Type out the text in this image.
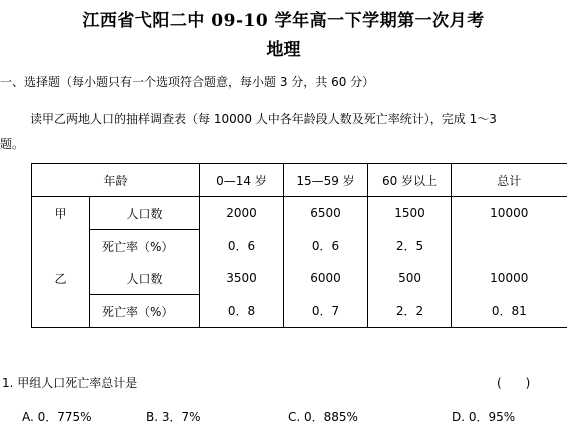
江西省弋阳二中 09-10 学年高一下学期第一次月考
地理
一、选择题（每小题只有一个选项符合题意，每小题 3 分，共 60 分）
读甲乙两地人口的抽样调查表（每 10000 人中各年龄段人数及死亡率统计），完成 1～3
题。
年龄		0—14 岁	15—59 岁	60 岁以上	总计
甲	人口数	2000	6500	1500	10000
	死亡率（%）	0．6	0．6	2．5	
乙	人口数	3500	6000	500	10000
	死亡率（%）	0．8	0．7	2．2	0．81
1. 甲组人口死亡率总计是	(　　)
A. 0．775%	B. 3．7%	C. 0．885%	D. 0．95%
